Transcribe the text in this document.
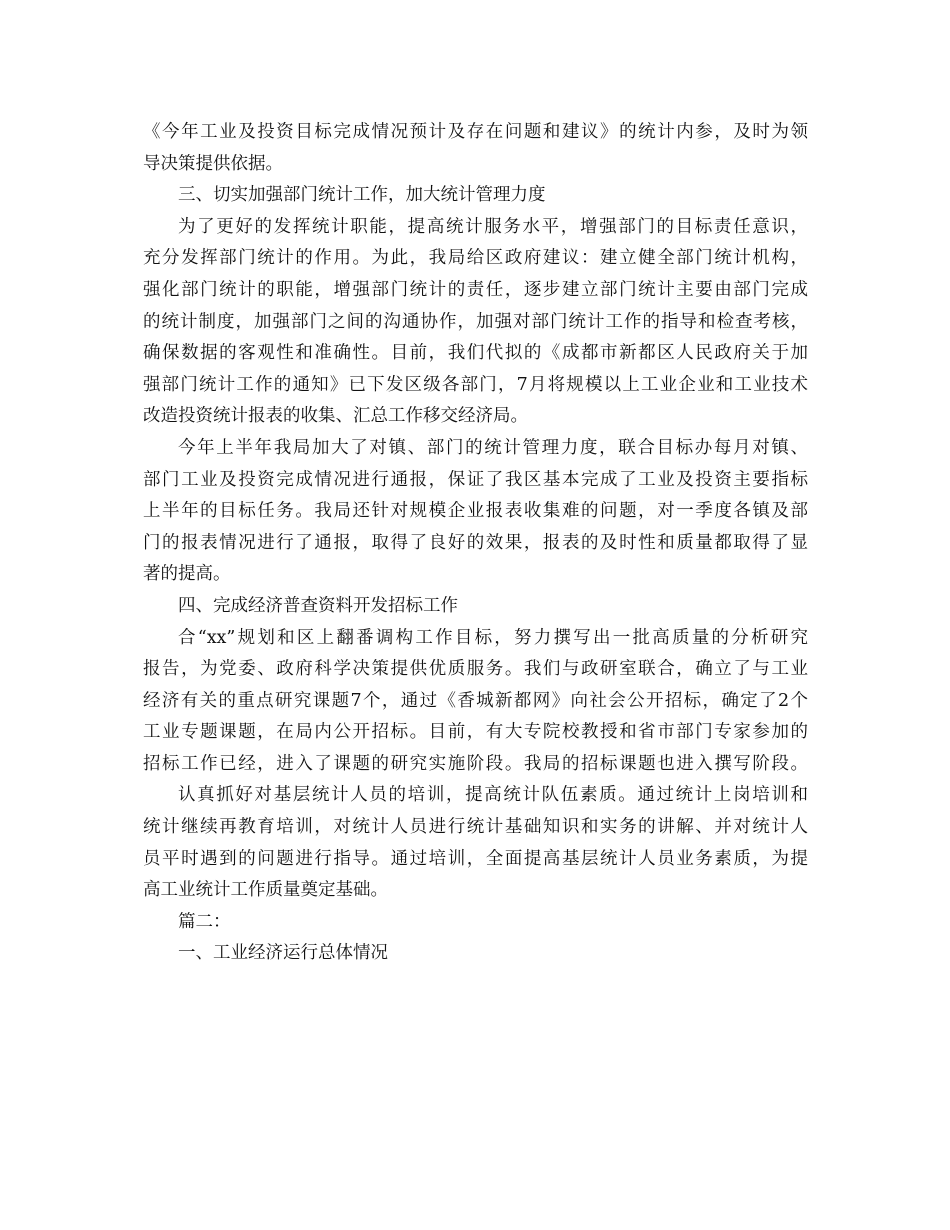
《今年工业及投资目标完成情况预计及存在问题和建议》的统计内参，及时为领

导决策提供依据。

三、切实加强部门统计工作，加大统计管理力度

为了更好的发挥统计职能，提高统计服务水平，增强部门的目标责任意识，

充分发挥部门统计的作用。为此，我局给区政府建议：建立健全部门统计机构，

强化部门统计的职能，增强部门统计的责任，逐步建立部门统计主要由部门完成

的统计制度，加强部门之间的沟通协作，加强对部门统计工作的指导和检查考核，

确保数据的客观性和准确性。目前，我们代拟的《成都市新都区人民政府关于加

强部门统计工作的通知》已下发区级各部门，7月将规模以上工业企业和工业技术

改造投资统计报表的收集、汇总工作移交经济局。

今年上半年我局加大了对镇、部门的统计管理力度，联合目标办每月对镇、

部门工业及投资完成情况进行通报，保证了我区基本完成了工业及投资主要指标

上半年的目标任务。我局还针对规模企业报表收集难的问题，对一季度各镇及部

门的报表情况进行了通报，取得了良好的效果，报表的及时性和质量都取得了显

著的提高。

四、完成经济普查资料开发招标工作

合“xx”规划和区上翻番调构工作目标，努力撰写出一批高质量的分析研究

报告，为党委、政府科学决策提供优质服务。我们与政研室联合，确立了与工业

经济有关的重点研究课题7个，通过《香城新都网》向社会公开招标，确定了2个

工业专题课题，在局内公开招标。目前，有大专院校教授和省市部门专家参加的

招标工作已经，进入了课题的研究实施阶段。我局的招标课题也进入撰写阶段。

认真抓好对基层统计人员的培训，提高统计队伍素质。通过统计上岗培训和

统计继续再教育培训，对统计人员进行统计基础知识和实务的讲解、并对统计人

员平时遇到的问题进行指导。通过培训，全面提高基层统计人员业务素质，为提

高工业统计工作质量奠定基础。

篇二：

一、工业经济运行总体情况
